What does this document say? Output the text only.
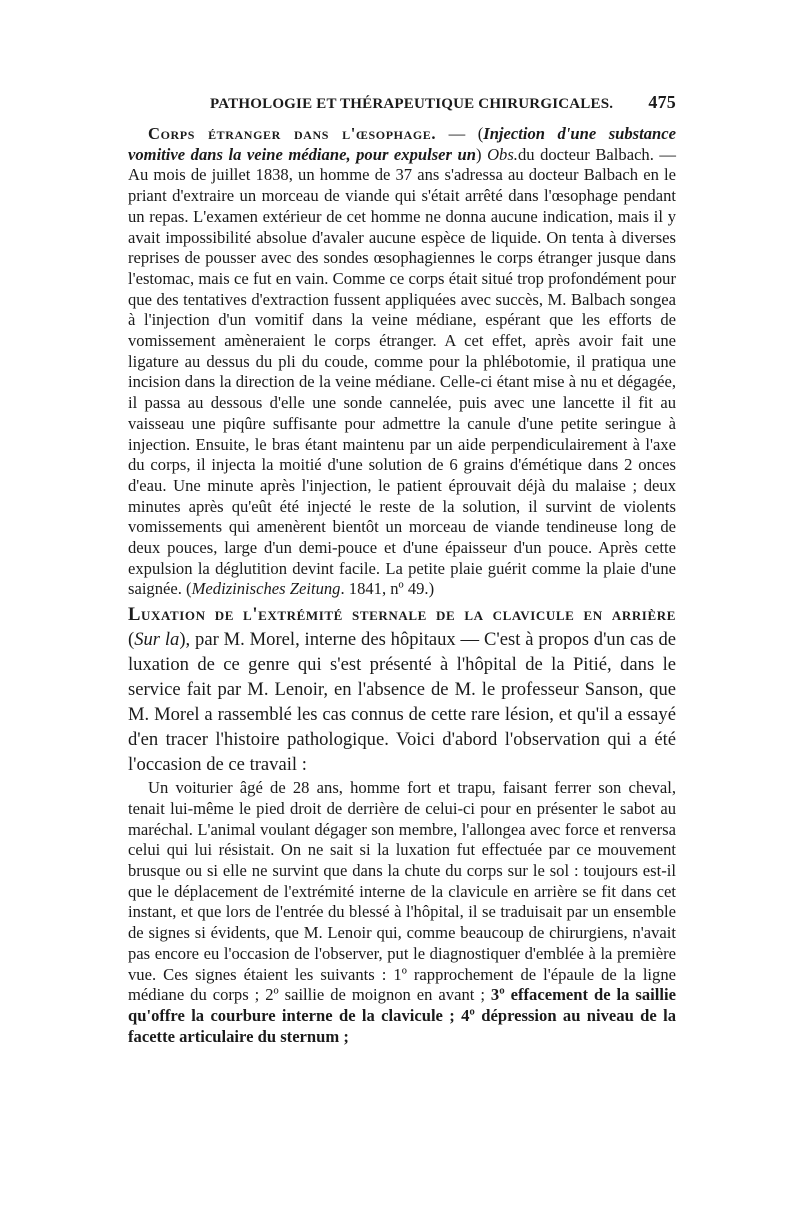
PATHOLOGIE ET THÉRAPEUTIQUE CHIRURGICALES. 475

Corps étranger dans l'œsophage. — (Injection d'une substance vomitive dans la veine médiane, pour expulser un) Obs.du docteur Balbach. — Au mois de juillet 1838, un homme de 37 ans s'adressa au docteur Balbach en le priant d'extraire un morceau de viande qui s'était arrêté dans l'œsophage pendant un repas. L'examen extérieur de cet homme ne donna aucune indication, mais il y avait impossibilité absolue d'avaler aucune espèce de liquide. On tenta à diverses reprises de pousser avec des sondes œsophagiennes le corps étranger jusque dans l'estomac, mais ce fut en vain. Comme ce corps était situé trop profondément pour que des tentatives d'extraction fussent appliquées avec succès, M. Balbach songea à l'injection d'un vomitif dans la veine médiane, espérant que les efforts de vomissement amèneraient le corps étranger. A cet effet, après avoir fait une ligature au dessus du pli du coude, comme pour la phlébotomie, il pratiqua une incision dans la direction de la veine médiane. Celle-ci étant mise à nu et dégagée, il passa au dessous d'elle une sonde cannelée, puis avec une lancette il fit au vaisseau une piqûre suffisante pour admettre la canule d'une petite seringue à injection. Ensuite, le bras étant maintenu par un aide perpendiculairement à l'axe du corps, il injecta la moitié d'une solution de 6 grains d'émétique dans 2 onces d'eau. Une minute après l'injection, le patient éprouvait déjà du malaise ; deux minutes après qu'eût été injecté le reste de la solution, il survint de violents vomissements qui amenèrent bientôt un morceau de viande tendineuse long de deux pouces, large d'un demi-pouce et d'une épaisseur d'un pouce. Après cette expulsion la déglutition devint facile. La petite plaie guérit comme la plaie d'une saignée. (Medizinisches Zeitung. 1841, nº 49.)

Luxation de l'extrémité sternale de la clavicule en arrière (Sur la), par M. Morel, interne des hôpitaux — C'est à propos d'un cas de luxation de ce genre qui s'est présenté à l'hôpital de la Pitié, dans le service fait par M. Lenoir, en l'absence de M. le professeur Sanson, que M. Morel a rassemblé les cas connus de cette rare lésion, et qu'il a essayé d'en tracer l'histoire pathologique. Voici d'abord l'observation qui a été l'occasion de ce travail :

Un voiturier âgé de 28 ans, homme fort et trapu, faisant ferrer son cheval, tenait lui-même le pied droit de derrière de celui-ci pour en présenter le sabot au maréchal. L'animal voulant dégager son membre, l'allongea avec force et renversa celui qui lui résistait. On ne sait si la luxation fut effectuée par ce mouvement brusque ou si elle ne survint que dans la chute du corps sur le sol : toujours est-il que le déplacement de l'extrémité interne de la clavicule en arrière se fit dans cet instant, et que lors de l'entrée du blessé à l'hôpital, il se traduisait par un ensemble de signes si évidents, que M. Lenoir qui, comme beaucoup de chirurgiens, n'avait pas encore eu l'occasion de l'observer, put le diagnostiquer d'emblée à la première vue. Ces signes étaient les suivants : 1º rapprochement de l'épaule de la ligne médiane du corps ; 2º saillie de moignon en avant ; 3º effacement de la saillie qu'offre la courbure interne de la clavicule ; 4º dépression au niveau de la facette articulaire du sternum ;
